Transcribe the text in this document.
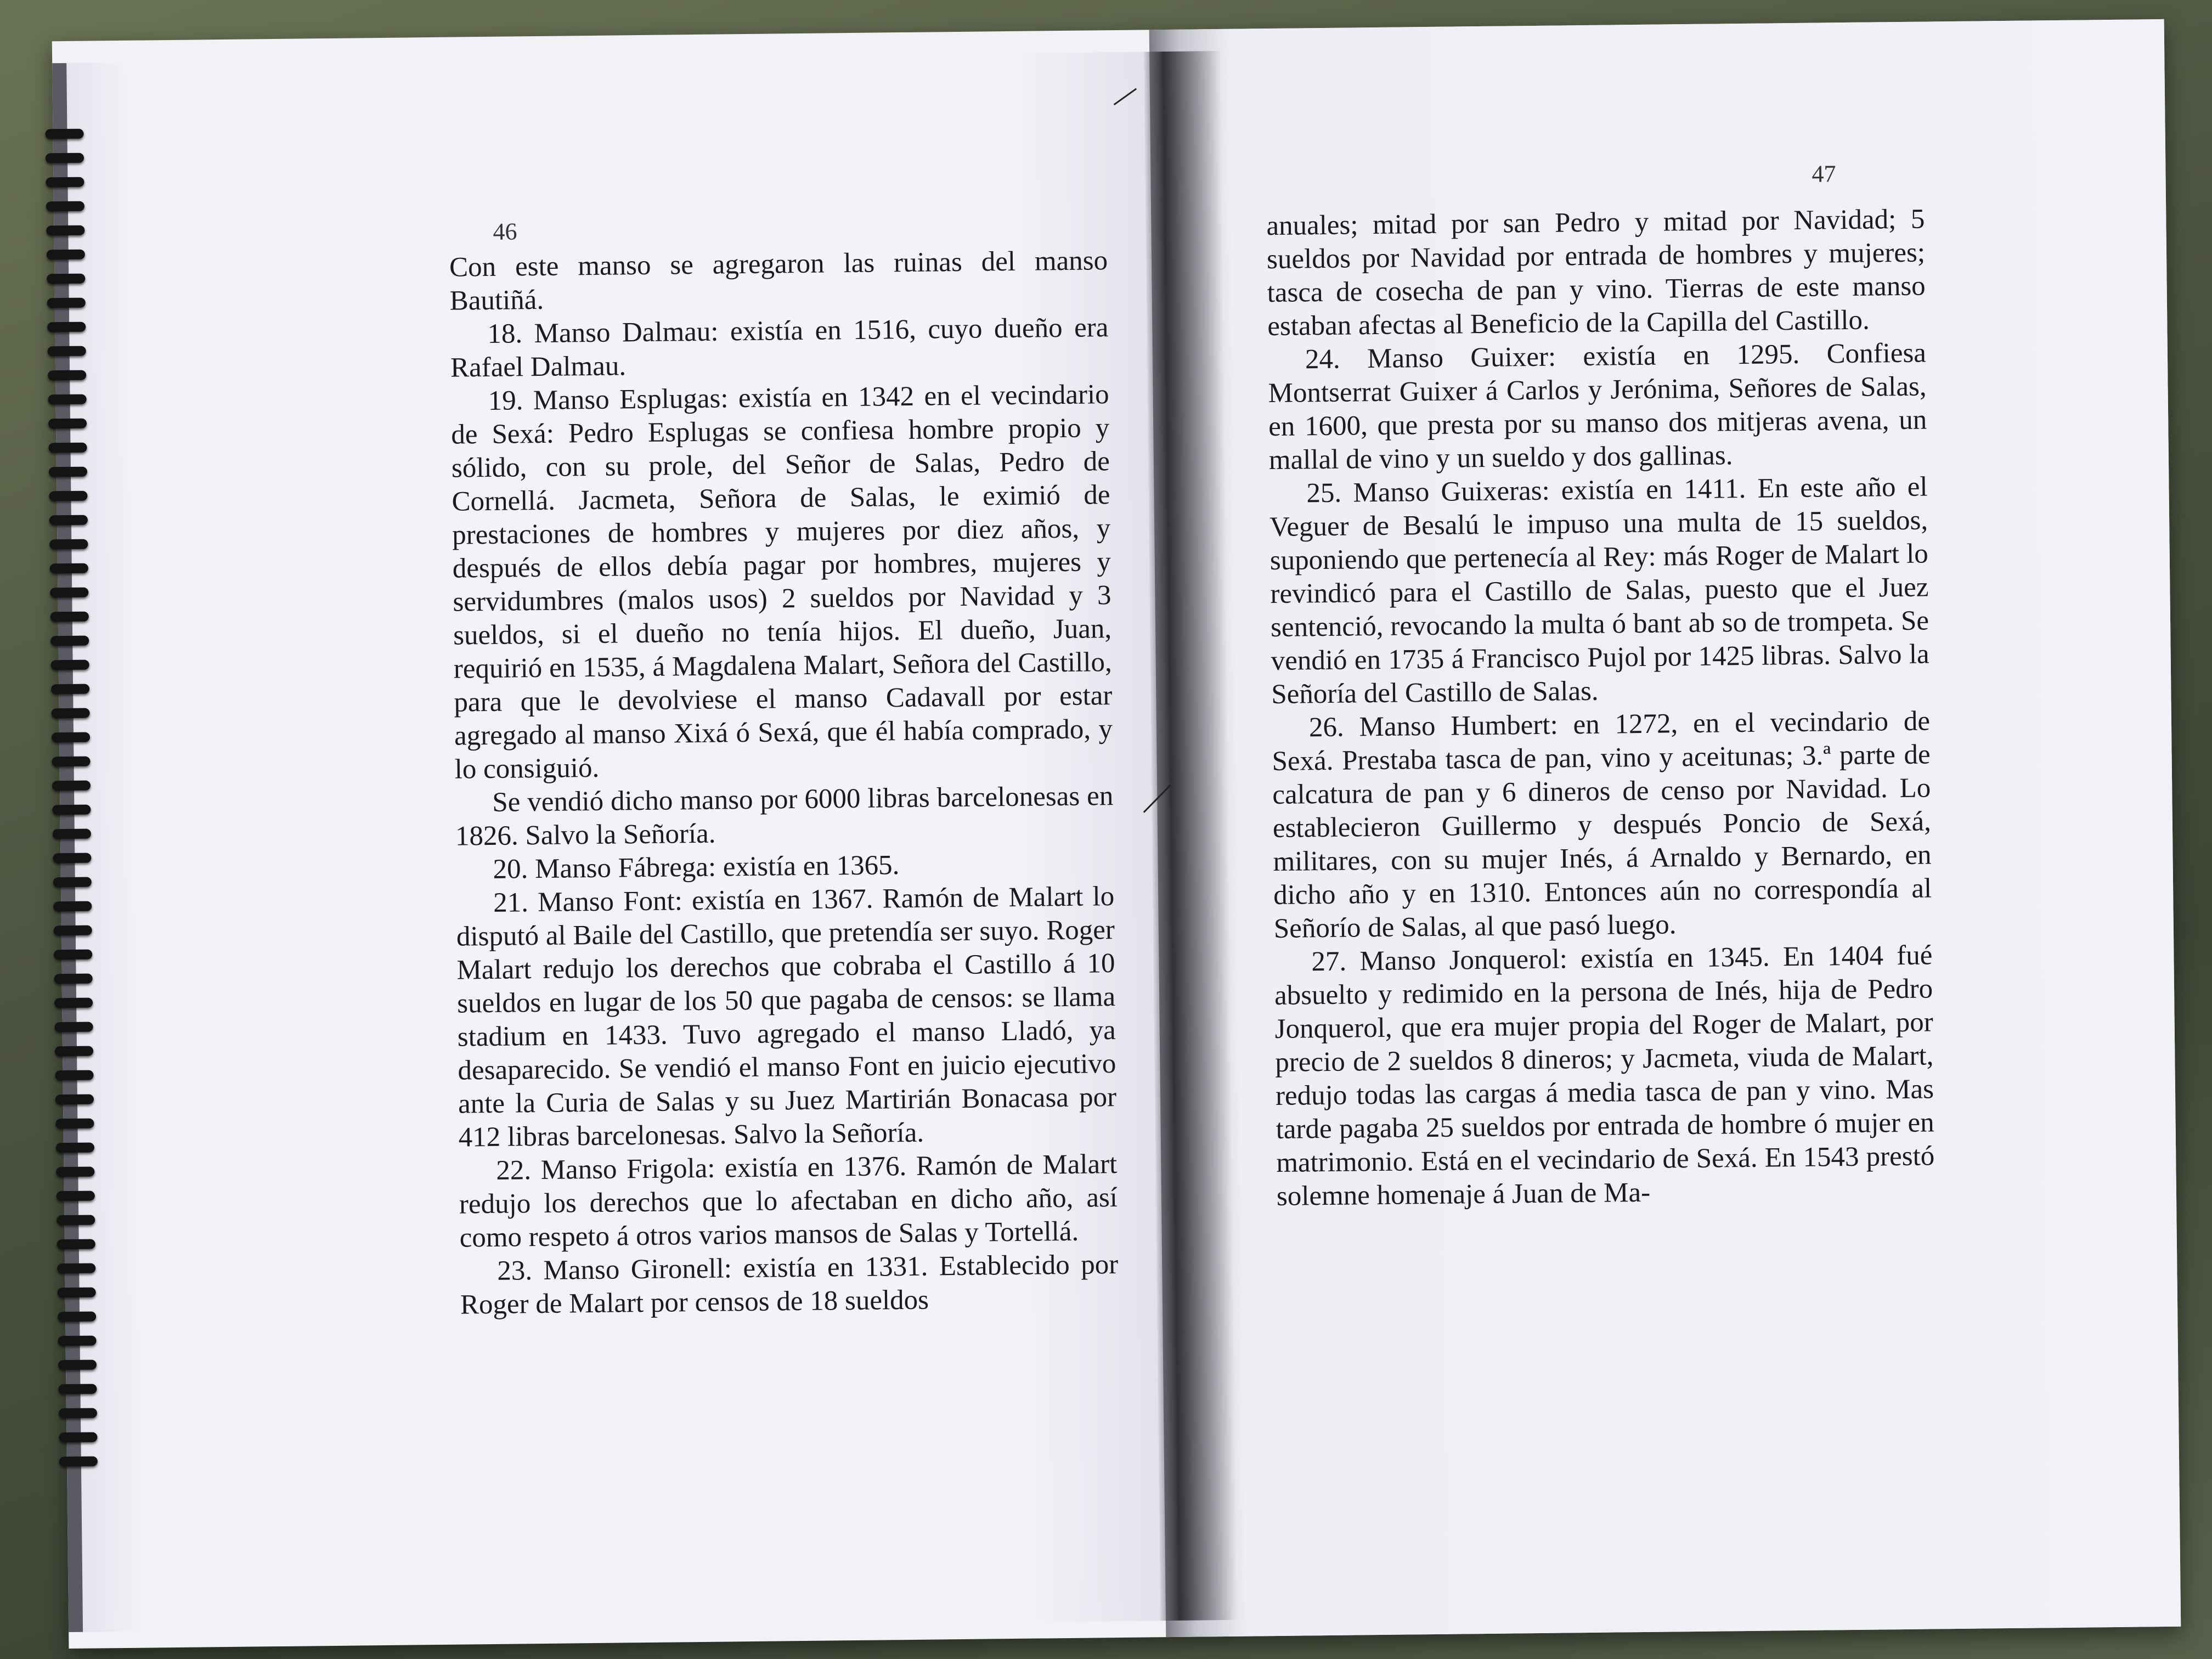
46

Con este manso se agregaron las ruinas del manso Bautiñá.

18. Manso Dalmau: existía en 1516, cuyo dueño era Rafael Dalmau.

19. Manso Esplugas: existía en 1342 en el vecindario de Sexá: Pedro Esplugas se confiesa hombre propio y sólido, con su prole, del Señor de Salas, Pedro de Cornellá. Jacmeta, Señora de Salas, le eximió de prestaciones de hombres y mujeres por diez años, y después de ellos debía pagar por hombres, mujeres y servidumbres (malos usos) 2 sueldos por Navidad y 3 sueldos, si el dueño no tenía hijos. El dueño, Juan, requirió en 1535, á Magdalena Malart, Señora del Castillo, para que le devolviese el manso Cadavall por estar agregado al manso Xixá ó Sexá, que él había comprado, y lo consiguió.

Se vendió dicho manso por 6000 libras barcelonesas en 1826. Salvo la Señoría.

20. Manso Fábrega: existía en 1365.

21. Manso Font: existía en 1367. Ramón de Malart lo disputó al Baile del Castillo, que pretendía ser suyo. Roger Malart redujo los derechos que cobraba el Castillo á 10 sueldos en lugar de los 50 que pagaba de censos: se llama stadium en 1433. Tuvo agregado el manso Lladó, ya desaparecido. Se vendió el manso Font en juicio ejecutivo ante la Curia de Salas y su Juez Martirián Bonacasa por 412 libras barcelonesas. Salvo la Señoría.

22. Manso Frigola: existía en 1376. Ramón de Malart redujo los derechos que lo afectaban en dicho año, así como respeto á otros varios mansos de Salas y Tortellá.

23. Manso Gironell: existía en 1331. Establecido por Roger de Malart por censos de 18 sueldos

47

anuales; mitad por san Pedro y mitad por Navidad; 5 sueldos por Navidad por entrada de hombres y mujeres; tasca de cosecha de pan y vino. Tierras de este manso estaban afectas al Beneficio de la Capilla del Castillo.

24. Manso Guixer: existía en 1295. Confiesa Montserrat Guixer á Carlos y Jerónima, Señores de Salas, en 1600, que presta por su manso dos mitjeras avena, un mallal de vino y un sueldo y dos gallinas.

25. Manso Guixeras: existía en 1411. En este año el Veguer de Besalú le impuso una multa de 15 sueldos, suponiendo que pertenecía al Rey: más Roger de Malart lo revindicó para el Castillo de Salas, puesto que el Juez sentenció, revocando la multa ó bant ab so de trompeta. Se vendió en 1735 á Francisco Pujol por 1425 libras. Salvo la Señoría del Castillo de Salas.

26. Manso Humbert: en 1272, en el vecindario de Sexá. Prestaba tasca de pan, vino y aceitunas; 3.ª parte de calcatura de pan y 6 dineros de censo por Navidad. Lo establecieron Guillermo y después Poncio de Sexá, militares, con su mujer Inés, á Arnaldo y Bernardo, en dicho año y en 1310. Entonces aún no correspondía al Señorío de Salas, al que pasó luego.

27. Manso Jonquerol: existía en 1345. En 1404 fué absuelto y redimido en la persona de Inés, hija de Pedro Jonquerol, que era mujer propia del Roger de Malart, por precio de 2 sueldos 8 dineros; y Jacmeta, viuda de Malart, redujo todas las cargas á media tasca de pan y vino. Mas tarde pagaba 25 sueldos por entrada de hombre ó mujer en matrimonio. Está en el vecindario de Sexá. En 1543 prestó solemne homenaje á Juan de Ma-
